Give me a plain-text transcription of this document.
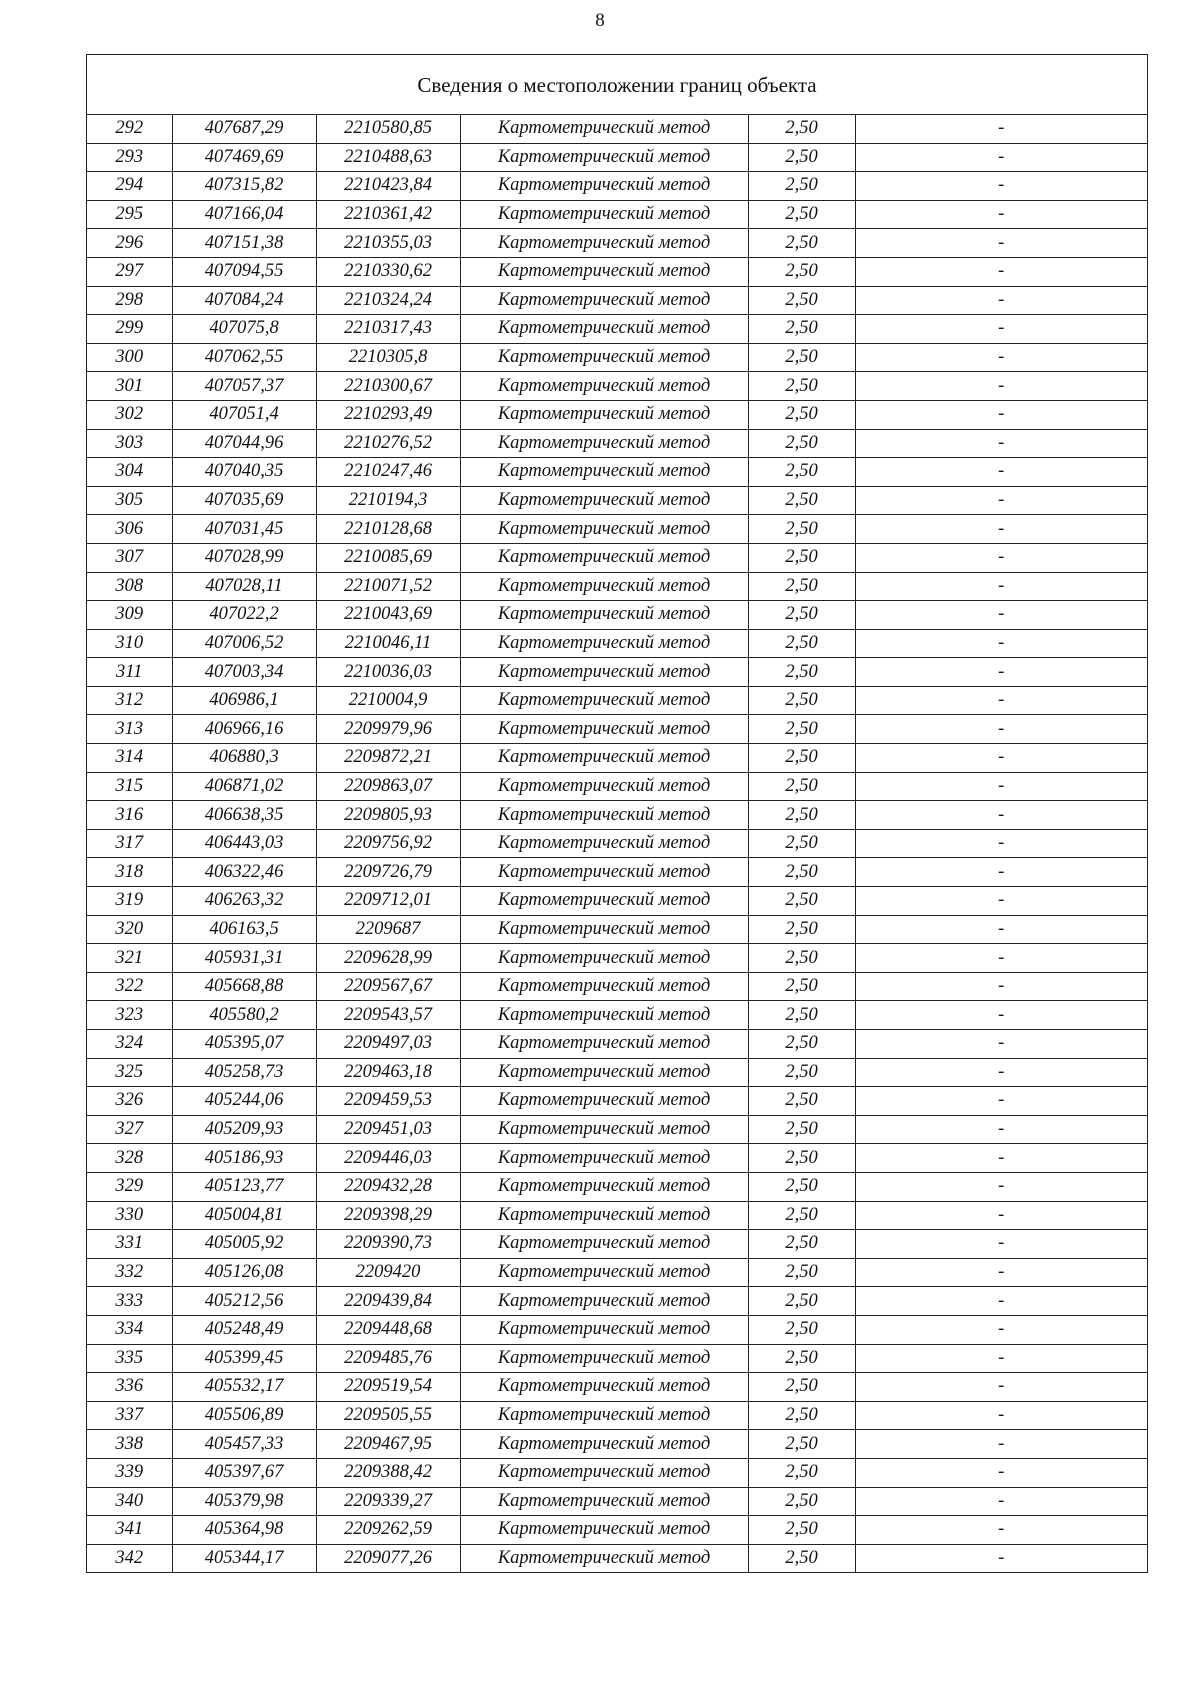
8
Сведения о местоположении границ объекта
292	407687,29	2210580,85	Картометрический метод	2,50	-
293	407469,69	2210488,63	Картометрический метод	2,50	-
294	407315,82	2210423,84	Картометрический метод	2,50	-
295	407166,04	2210361,42	Картометрический метод	2,50	-
296	407151,38	2210355,03	Картометрический метод	2,50	-
297	407094,55	2210330,62	Картометрический метод	2,50	-
298	407084,24	2210324,24	Картометрический метод	2,50	-
299	407075,8	2210317,43	Картометрический метод	2,50	-
300	407062,55	2210305,8	Картометрический метод	2,50	-
301	407057,37	2210300,67	Картометрический метод	2,50	-
302	407051,4	2210293,49	Картометрический метод	2,50	-
303	407044,96	2210276,52	Картометрический метод	2,50	-
304	407040,35	2210247,46	Картометрический метод	2,50	-
305	407035,69	2210194,3	Картометрический метод	2,50	-
306	407031,45	2210128,68	Картометрический метод	2,50	-
307	407028,99	2210085,69	Картометрический метод	2,50	-
308	407028,11	2210071,52	Картометрический метод	2,50	-
309	407022,2	2210043,69	Картометрический метод	2,50	-
310	407006,52	2210046,11	Картометрический метод	2,50	-
311	407003,34	2210036,03	Картометрический метод	2,50	-
312	406986,1	2210004,9	Картометрический метод	2,50	-
313	406966,16	2209979,96	Картометрический метод	2,50	-
314	406880,3	2209872,21	Картометрический метод	2,50	-
315	406871,02	2209863,07	Картометрический метод	2,50	-
316	406638,35	2209805,93	Картометрический метод	2,50	-
317	406443,03	2209756,92	Картометрический метод	2,50	-
318	406322,46	2209726,79	Картометрический метод	2,50	-
319	406263,32	2209712,01	Картометрический метод	2,50	-
320	406163,5	2209687	Картометрический метод	2,50	-
321	405931,31	2209628,99	Картометрический метод	2,50	-
322	405668,88	2209567,67	Картометрический метод	2,50	-
323	405580,2	2209543,57	Картометрический метод	2,50	-
324	405395,07	2209497,03	Картометрический метод	2,50	-
325	405258,73	2209463,18	Картометрический метод	2,50	-
326	405244,06	2209459,53	Картометрический метод	2,50	-
327	405209,93	2209451,03	Картометрический метод	2,50	-
328	405186,93	2209446,03	Картометрический метод	2,50	-
329	405123,77	2209432,28	Картометрический метод	2,50	-
330	405004,81	2209398,29	Картометрический метод	2,50	-
331	405005,92	2209390,73	Картометрический метод	2,50	-
332	405126,08	2209420	Картометрический метод	2,50	-
333	405212,56	2209439,84	Картометрический метод	2,50	-
334	405248,49	2209448,68	Картометрический метод	2,50	-
335	405399,45	2209485,76	Картометрический метод	2,50	-
336	405532,17	2209519,54	Картометрический метод	2,50	-
337	405506,89	2209505,55	Картометрический метод	2,50	-
338	405457,33	2209467,95	Картометрический метод	2,50	-
339	405397,67	2209388,42	Картометрический метод	2,50	-
340	405379,98	2209339,27	Картометрический метод	2,50	-
341	405364,98	2209262,59	Картометрический метод	2,50	-
342	405344,17	2209077,26	Картометрический метод	2,50	-
